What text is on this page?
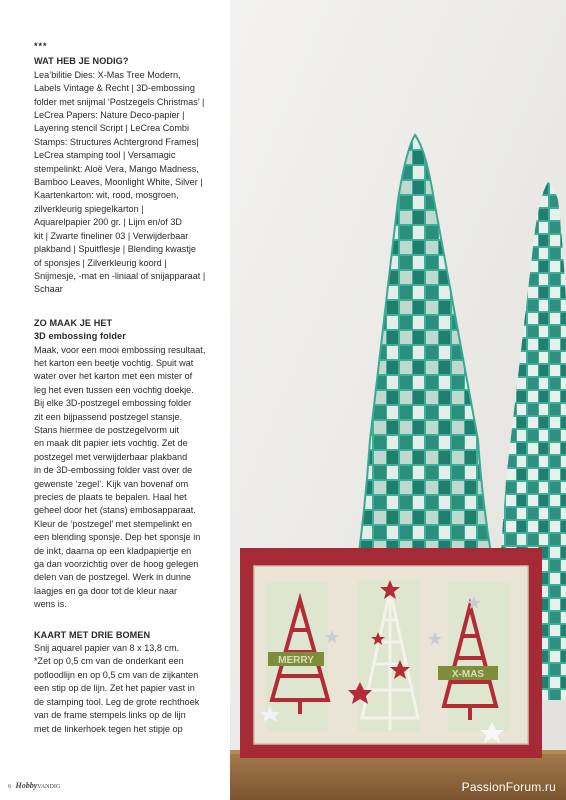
***
WAT HEB JE NODIG?
Lea’bilitie Dies: X-Mas Tree Modern,
Labels Vintage & Recht | 3D-embossing
folder met snijmal ‘Postzegels Christmas’ |
LeCrea Papers: Nature Deco-papier |
Layering stencil Script | LeCrea Combi
Stamps: Structures Achtergrond Frames|
LeCrea stamping tool | Versamagic
stempelinkt: Aloë Vera, Mango Madness,
Bamboo Leaves, Moonlight White, Silver |
Kaartenkarton: wit, rood, mosgroen,
zilverkleurig spiegelkarton |
Aquarelpapier 200 gr. | Lijm en/of 3D
kit | Zwarte fineliner 03 | Verwijderbaar
plakband | Spuitflesje | Blending kwastje
of sponsjes | Zilverkleurig koord |
Snijmesje, -mat en -liniaal of snijapparaat |
Schaar
ZO MAAK JE HET
3D embossing folder
Maak, voor een mooi embossing resultaat,
het karton een beetje vochtig. Spuit wat
water over het karton met een mister of
leg het even tussen een vochtig doekje.
Bij elke 3D-postzegel embossing folder
zit een bijpassend postzegel stansje.
Stans hiermee de postzegelvorm uit
en maak dit papier iets vochtig. Zet de
postzegel met verwijderbaar plakband
in de 3D-embossing folder vast over de
gewenste ‘zegel’. Kijk van bovenaf om
precies de plaats te bepalen. Haal het
geheel door het (stans) embosapparaat.
Kleur de ‘postzegel’ met stempelinkt en
een blending sponsje. Dep het sponsje in
de inkt, daarna op een kladpapiertje en
ga dan voorzichtig over de hoog gelegen
delen van de postzegel. Werk in dunne
laagjes en ga door tot de kleur naar
wens is.
KAART MET DRIE BOMEN
Snij aquarel papier van 8 x 13,8 cm.
*Zet op 0,5 cm van de onderkant een
potloodlijn en op 0,5 cm van de zijkanten
een stip op de lijn. Zet het papier vast in
de stamping tool. Leg de grote rechthoek
van de frame stempels links op de lijn
met de linkerhoek tegen het stipje op
MERRY
X-MAS
6 HobbyVANDIG	PassionForum.ru
